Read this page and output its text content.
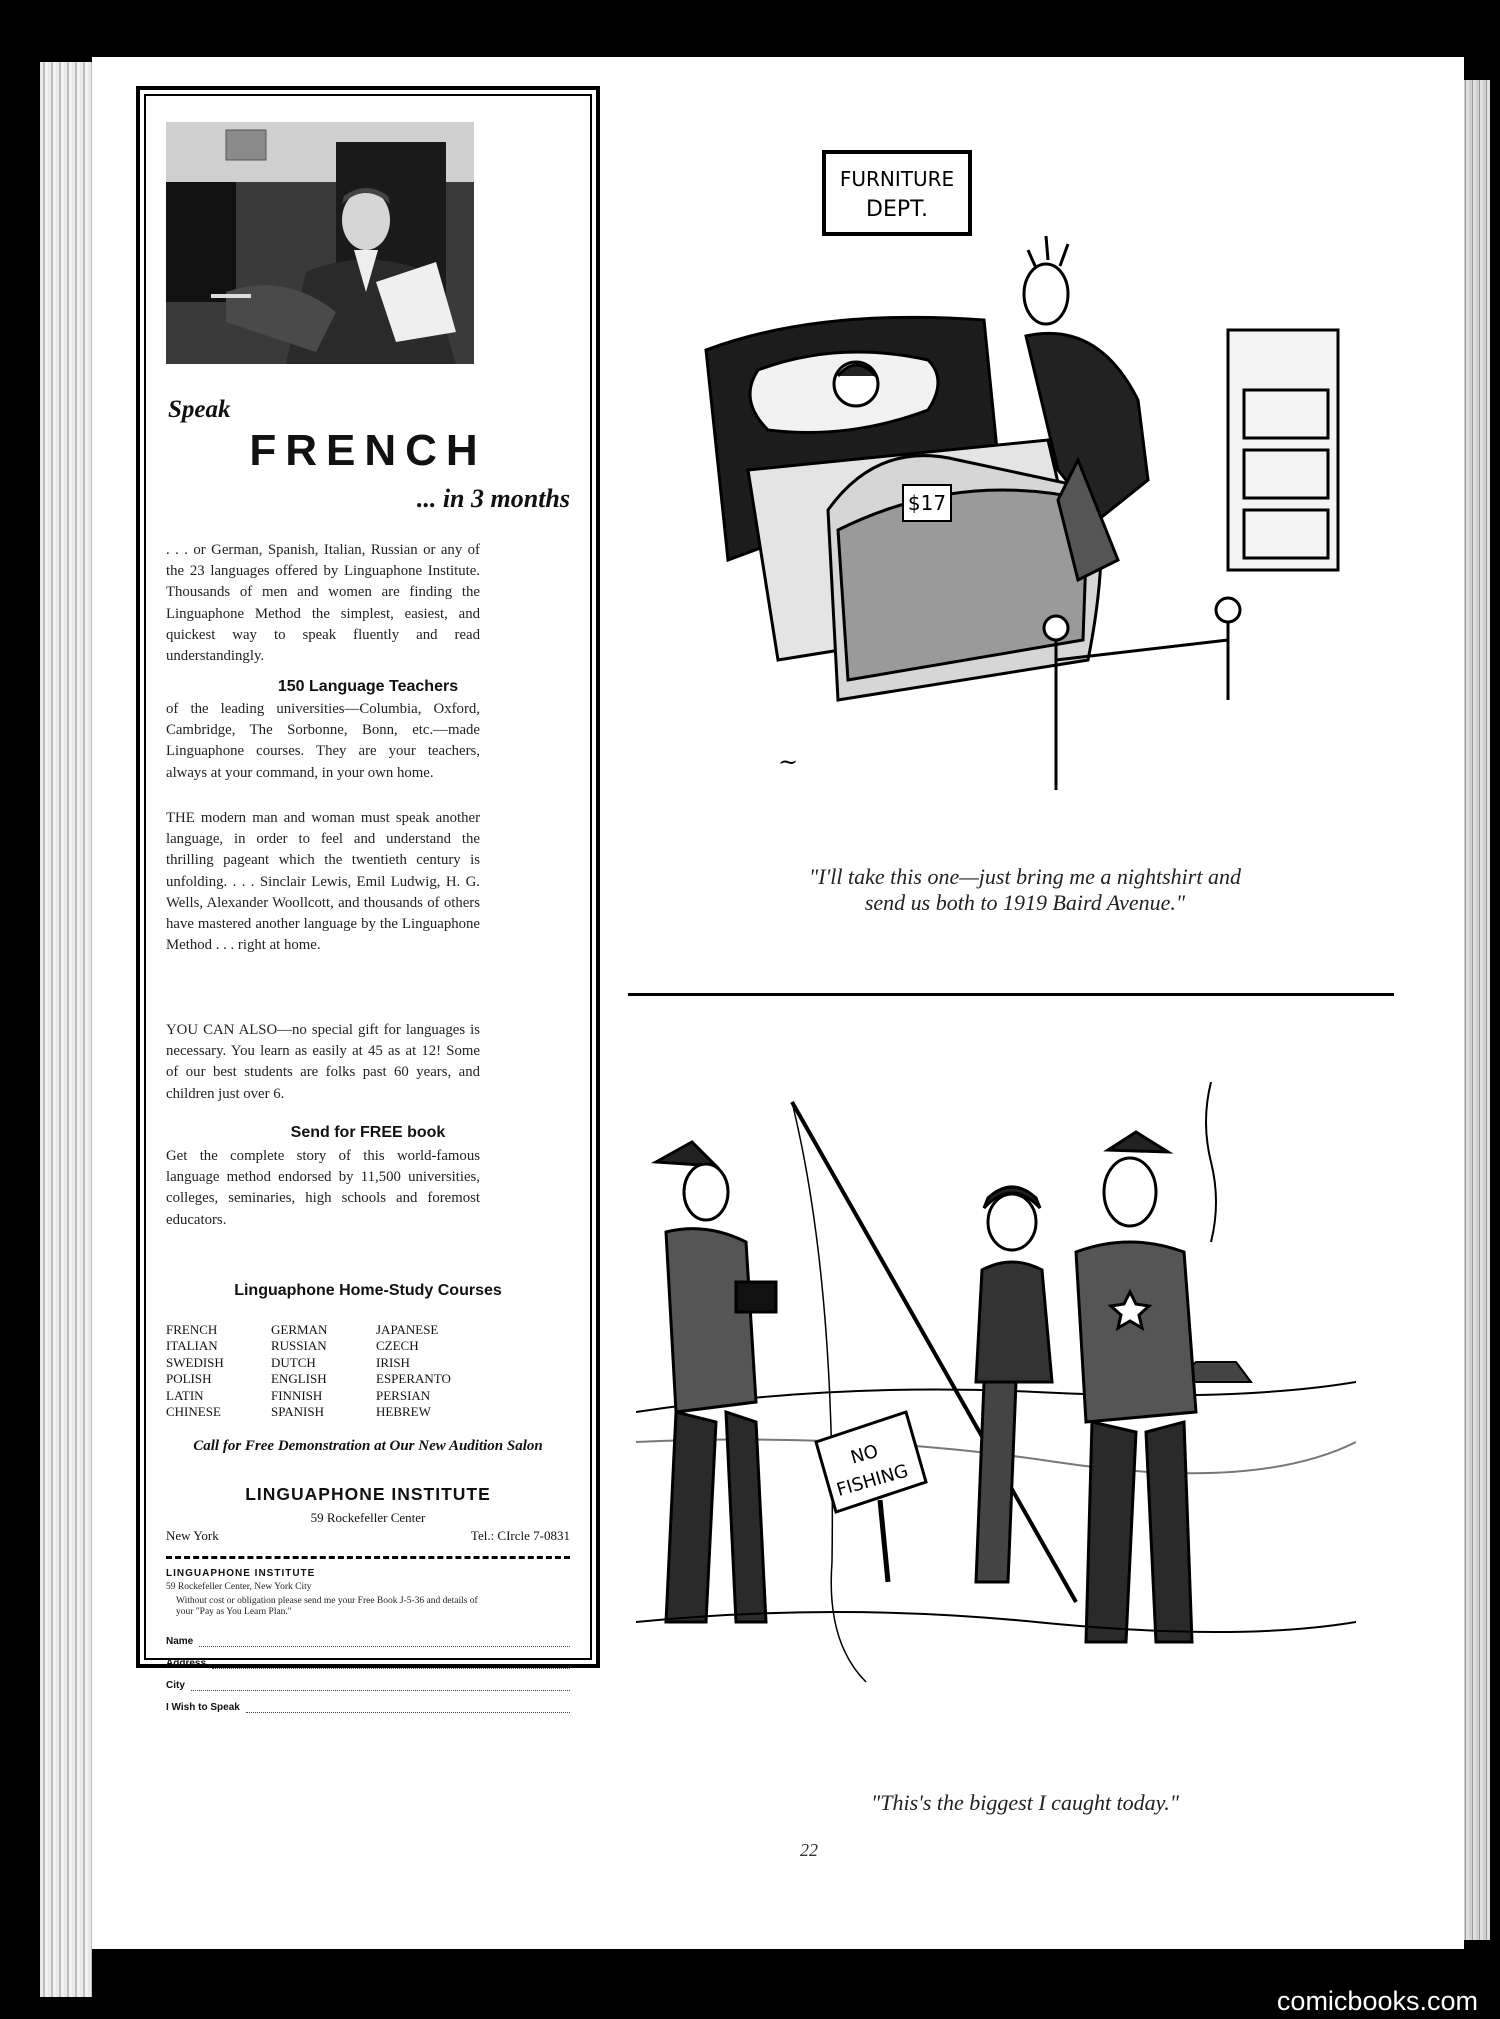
Speak
FRENCH
... in 3 months
. . . or German, Spanish, Italian, Russian or any of the 23 languages offered by Linguaphone Institute. Thousands of men and women are finding the Linguaphone Method the simplest, easiest, and quickest way to speak fluently and read understandingly.
150 Language Teachers
of the leading universities—Columbia, Oxford, Cambridge, The Sorbonne, Bonn, etc.—made Linguaphone courses. They are your teachers, always at your command, in your own home.
THE modern man and woman must speak another language, in order to feel and understand the thrilling pageant which the twentieth century is unfolding. . . . Sinclair Lewis, Emil Ludwig, H. G. Wells, Alexander Woollcott, and thousands of others have mastered another language by the Linguaphone Method . . . right at home.
YOU CAN ALSO—no special gift for languages is necessary. You learn as easily at 45 as at 12! Some of our best students are folks past 60 years, and children just over 6.
Send for FREE book
Get the complete story of this world-famous language method endorsed by 11,500 universities, colleges, seminaries, high schools and foremost educators.
Linguaphone Home-Study Courses
FRENCH	GERMAN	JAPANESE
ITALIAN	RUSSIAN	CZECH
SWEDISH	DUTCH	IRISH
POLISH	ENGLISH	ESPERANTO
LATIN	FINNISH	PERSIAN
CHINESE	SPANISH	HEBREW
Call for Free Demonstration at Our New Audition Salon
LINGUAPHONE INSTITUTE
59 Rockefeller Center
New York	Tel.: CIrcle 7-0831
LINGUAPHONE INSTITUTE
59 Rockefeller Center, New York City
Without cost or obligation please send me your Free Book J-5-36 and details of your "Pay as You Learn Plan."
Name
Address
City
I Wish to Speak
FURNITURE
DEPT.
$17
~
"I'll take this one—just bring me a nightshirt and
send us both to 1919 Baird Avenue."
NO
FISHING
"This's the biggest I caught today."
22
comicbooks.com
